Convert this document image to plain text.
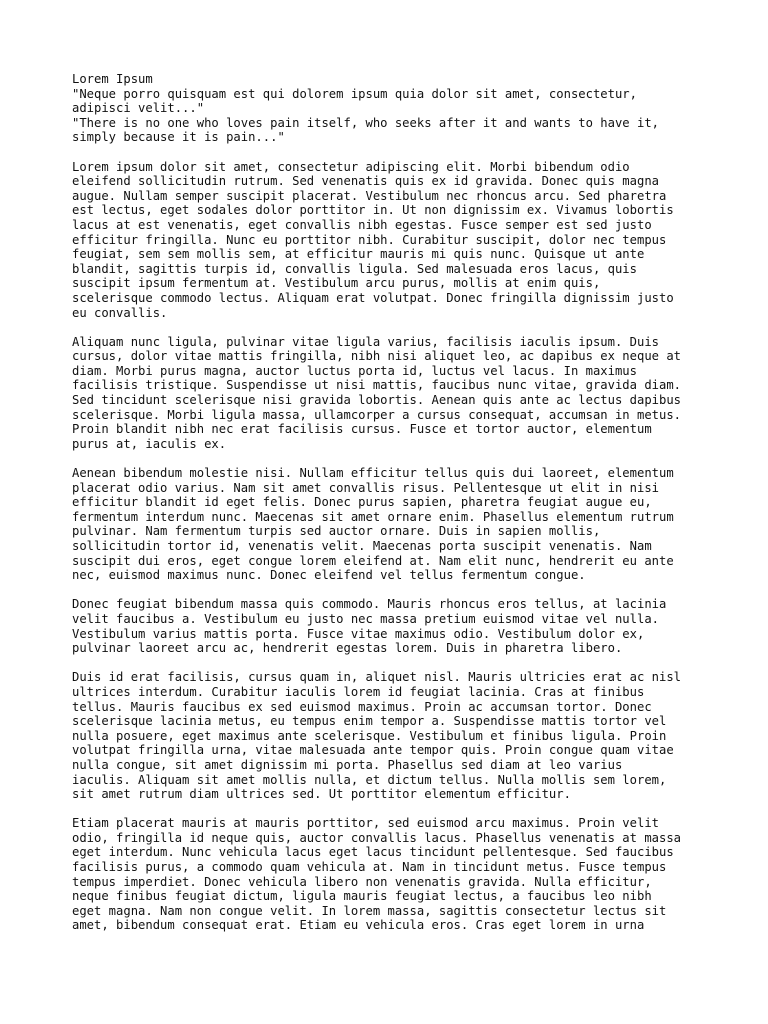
Lorem Ipsum
"Neque porro quisquam est qui dolorem ipsum quia dolor sit amet, consectetur,
adipisci velit..."
"There is no one who loves pain itself, who seeks after it and wants to have it,
simply because it is pain..."
Lorem ipsum dolor sit amet, consectetur adipiscing elit. Morbi bibendum odio
eleifend sollicitudin rutrum. Sed venenatis quis ex id gravida. Donec quis magna
augue. Nullam semper suscipit placerat. Vestibulum nec rhoncus arcu. Sed pharetra
est lectus, eget sodales dolor porttitor in. Ut non dignissim ex. Vivamus lobortis
lacus at est venenatis, eget convallis nibh egestas. Fusce semper est sed justo
efficitur fringilla. Nunc eu porttitor nibh. Curabitur suscipit, dolor nec tempus
feugiat, sem sem mollis sem, at efficitur mauris mi quis nunc. Quisque ut ante
blandit, sagittis turpis id, convallis ligula. Sed malesuada eros lacus, quis
suscipit ipsum fermentum at. Vestibulum arcu purus, mollis at enim quis,
scelerisque commodo lectus. Aliquam erat volutpat. Donec fringilla dignissim justo
eu convallis.
Aliquam nunc ligula, pulvinar vitae ligula varius, facilisis iaculis ipsum. Duis
cursus, dolor vitae mattis fringilla, nibh nisi aliquet leo, ac dapibus ex neque at
diam. Morbi purus magna, auctor luctus porta id, luctus vel lacus. In maximus
facilisis tristique. Suspendisse ut nisi mattis, faucibus nunc vitae, gravida diam.
Sed tincidunt scelerisque nisi gravida lobortis. Aenean quis ante ac lectus dapibus
scelerisque. Morbi ligula massa, ullamcorper a cursus consequat, accumsan in metus.
Proin blandit nibh nec erat facilisis cursus. Fusce et tortor auctor, elementum
purus at, iaculis ex.
Aenean bibendum molestie nisi. Nullam efficitur tellus quis dui laoreet, elementum
placerat odio varius. Nam sit amet convallis risus. Pellentesque ut elit in nisi
efficitur blandit id eget felis. Donec purus sapien, pharetra feugiat augue eu,
fermentum interdum nunc. Maecenas sit amet ornare enim. Phasellus elementum rutrum
pulvinar. Nam fermentum turpis sed auctor ornare. Duis in sapien mollis,
sollicitudin tortor id, venenatis velit. Maecenas porta suscipit venenatis. Nam
suscipit dui eros, eget congue lorem eleifend at. Nam elit nunc, hendrerit eu ante
nec, euismod maximus nunc. Donec eleifend vel tellus fermentum congue.
Donec feugiat bibendum massa quis commodo. Mauris rhoncus eros tellus, at lacinia
velit faucibus a. Vestibulum eu justo nec massa pretium euismod vitae vel nulla.
Vestibulum varius mattis porta. Fusce vitae maximus odio. Vestibulum dolor ex,
pulvinar laoreet arcu ac, hendrerit egestas lorem. Duis in pharetra libero.
Duis id erat facilisis, cursus quam in, aliquet nisl. Mauris ultricies erat ac nisl
ultrices interdum. Curabitur iaculis lorem id feugiat lacinia. Cras at finibus
tellus. Mauris faucibus ex sed euismod maximus. Proin ac accumsan tortor. Donec
scelerisque lacinia metus, eu tempus enim tempor a. Suspendisse mattis tortor vel
nulla posuere, eget maximus ante scelerisque. Vestibulum et finibus ligula. Proin
volutpat fringilla urna, vitae malesuada ante tempor quis. Proin congue quam vitae
nulla congue, sit amet dignissim mi porta. Phasellus sed diam at leo varius
iaculis. Aliquam sit amet mollis nulla, et dictum tellus. Nulla mollis sem lorem,
sit amet rutrum diam ultrices sed. Ut porttitor elementum efficitur.
Etiam placerat mauris at mauris porttitor, sed euismod arcu maximus. Proin velit
odio, fringilla id neque quis, auctor convallis lacus. Phasellus venenatis at massa
eget interdum. Nunc vehicula lacus eget lacus tincidunt pellentesque. Sed faucibus
facilisis purus, a commodo quam vehicula at. Nam in tincidunt metus. Fusce tempus
tempus imperdiet. Donec vehicula libero non venenatis gravida. Nulla efficitur,
neque finibus feugiat dictum, ligula mauris feugiat lectus, a faucibus leo nibh
eget magna. Nam non congue velit. In lorem massa, sagittis consectetur lectus sit
amet, bibendum consequat erat. Etiam eu vehicula eros. Cras eget lorem in urna
